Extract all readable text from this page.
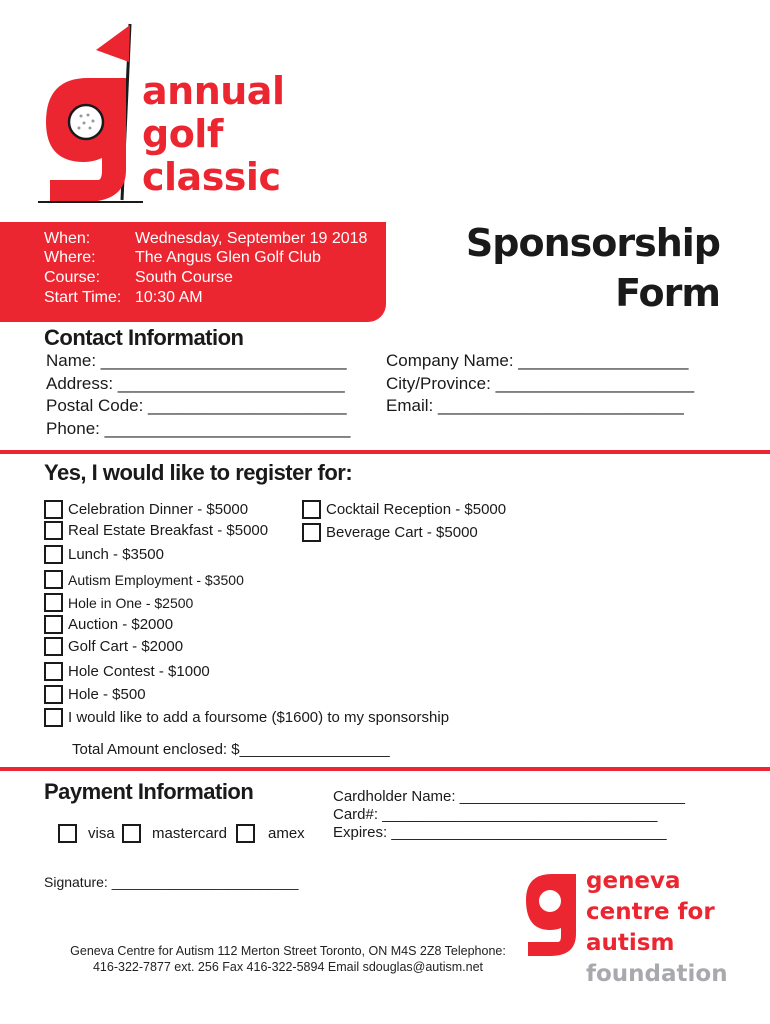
annual
golf
classic
When:	Wednesday, September 19 2018
Where: The Angus Glen Golf Club
Course: South Course
Start Time: 10:30 AM
Sponsorship
Form
Contact Information
Name: __________________________
Address: ________________________
Postal Code: _____________________
Phone: __________________________
Company Name: __________________
City/Province: _____________________
Email: __________________________
Yes, I would like to register for:
Celebration Dinner - $5000
Real Estate Breakfast - $5000
Lunch - $3500
Autism Employment - $3500
Hole in One - $2500
Auction - $2000
Golf Cart - $2000
Hole Contest - $1000
Hole - $500
I would like to add a foursome ($1600) to my sponsorship
Cocktail Reception - $5000
Beverage Cart - $5000
Total Amount enclosed: $__________________
Payment Information
visa mastercard	amex
Cardholder Name: ___________________________
Card#: _________________________________
Expires: _________________________________
Signature: ________________________
Geneva Centre for Autism 112 Merton Street Toronto, ON M4S 2Z8 Telephone:
416-322-7877 ext. 256 Fax 416-322-5894 Email sdouglas@autism.net
geneva
centre for
autism
foundation
